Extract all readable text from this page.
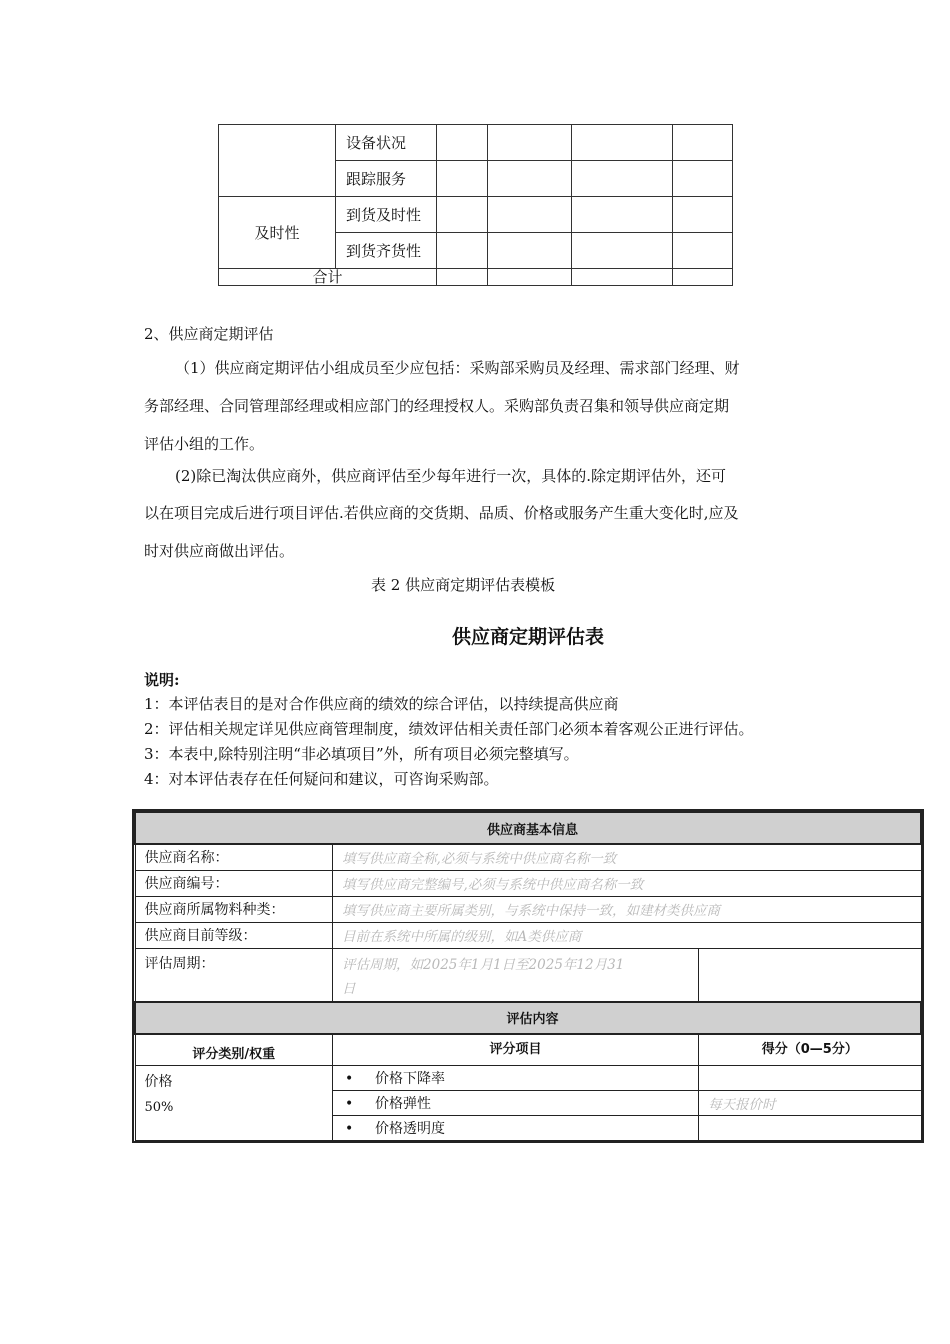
	设备状况				
	跟踪服务				
及时性	到货及时性				
	到货齐货性				
合计					

2、供应商定期评估

（1）供应商定期评估小组成员至少应包括：采购部采购员及经理、需求部门经理、财

务部经理、合同管理部经理或相应部门的经理授权人。采购部负责召集和领导供应商定期

评估小组的工作。

(2)除已淘汰供应商外，供应商评估至少每年进行一次，具体的.除定期评估外，还可

以在项目完成后进行项目评估.若供应商的交货期、品质、价格或服务产生重大变化时,应及

时对供应商做出评估。

表 2 供应商定期评估表模板

供应商定期评估表

说明:

1：本评估表目的是对合作供应商的绩效的综合评估，以持续提高供应商

2：评估相关规定详见供应商管理制度，绩效评估相关责任部门必须本着客观公正进行评估。

3：本表中,除特别注明“非必填项目”外，所有项目必须完整填写。

4：对本评估表存在任何疑问和建议，可咨询采购部。

供应商基本信息		
供应商名称：	填写供应商全称,必须与系统中供应商名称一致	
供应商编号：	填写供应商完整编号,必须与系统中供应商名称一致	
供应商所属物料种类：	填写供应商主要所属类别，与系统中保持一致，如建材类供应商	
供应商目前等级：	目前在系统中所属的级别，如A类供应商	
评估周期：	评估周期，如2025年1月1日至2025年12月31
日	

评估内容		
评分类别/权重	评分项目	得分（0—5分）

价格
50%	• 价格下降率	
	• 价格弹性	每天报价时
	• 价格透明度	
